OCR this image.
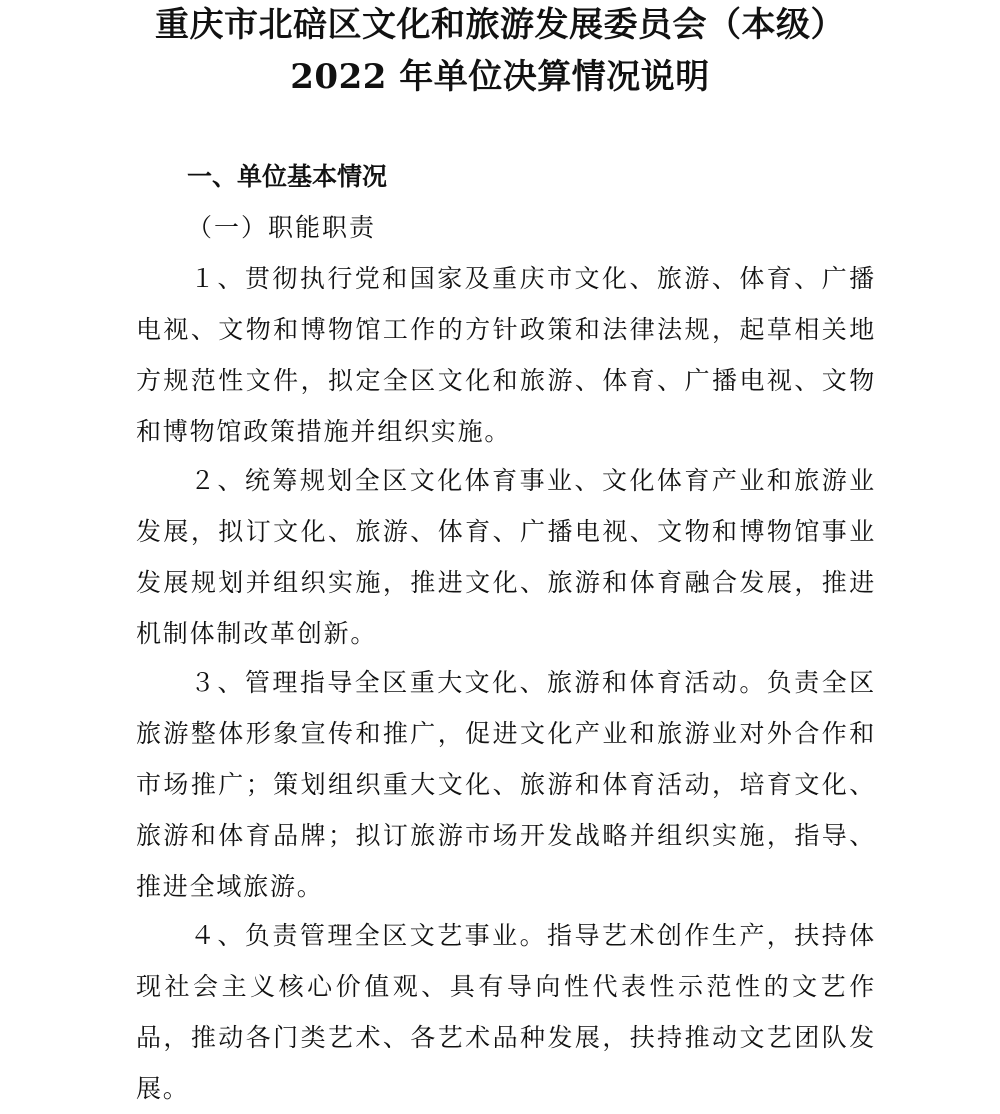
重庆市北碚区文化和旅游发展委员会（本级）
2022 年单位决算情况说明
一、单位基本情况
（一）职能职责

１、贯彻执行党和国家及重庆市文化、旅游、体育、广播电视、文物和博物馆工作的方针政策和法律法规，起草相关地方规范性文件，拟定全区文化和旅游、体育、广播电视、文物和博物馆政策措施并组织实施。

２、统筹规划全区文化体育事业、文化体育产业和旅游业发展，拟订文化、旅游、体育、广播电视、文物和博物馆事业发展规划并组织实施，推进文化、旅游和体育融合发展，推进机制体制改革创新。

３、管理指导全区重大文化、旅游和体育活动。负责全区旅游整体形象宣传和推广，促进文化产业和旅游业对外合作和市场推广；策划组织重大文化、旅游和体育活动，培育文化、旅游和体育品牌；拟订旅游市场开发战略并组织实施，指导、推进全域旅游。

４、负责管理全区文艺事业。指导艺术创作生产，扶持体现社会主义核心价值观、具有导向性代表性示范性的文艺作品，推动各门类艺术、各艺术品种发展，扶持推动文艺团队发展。
